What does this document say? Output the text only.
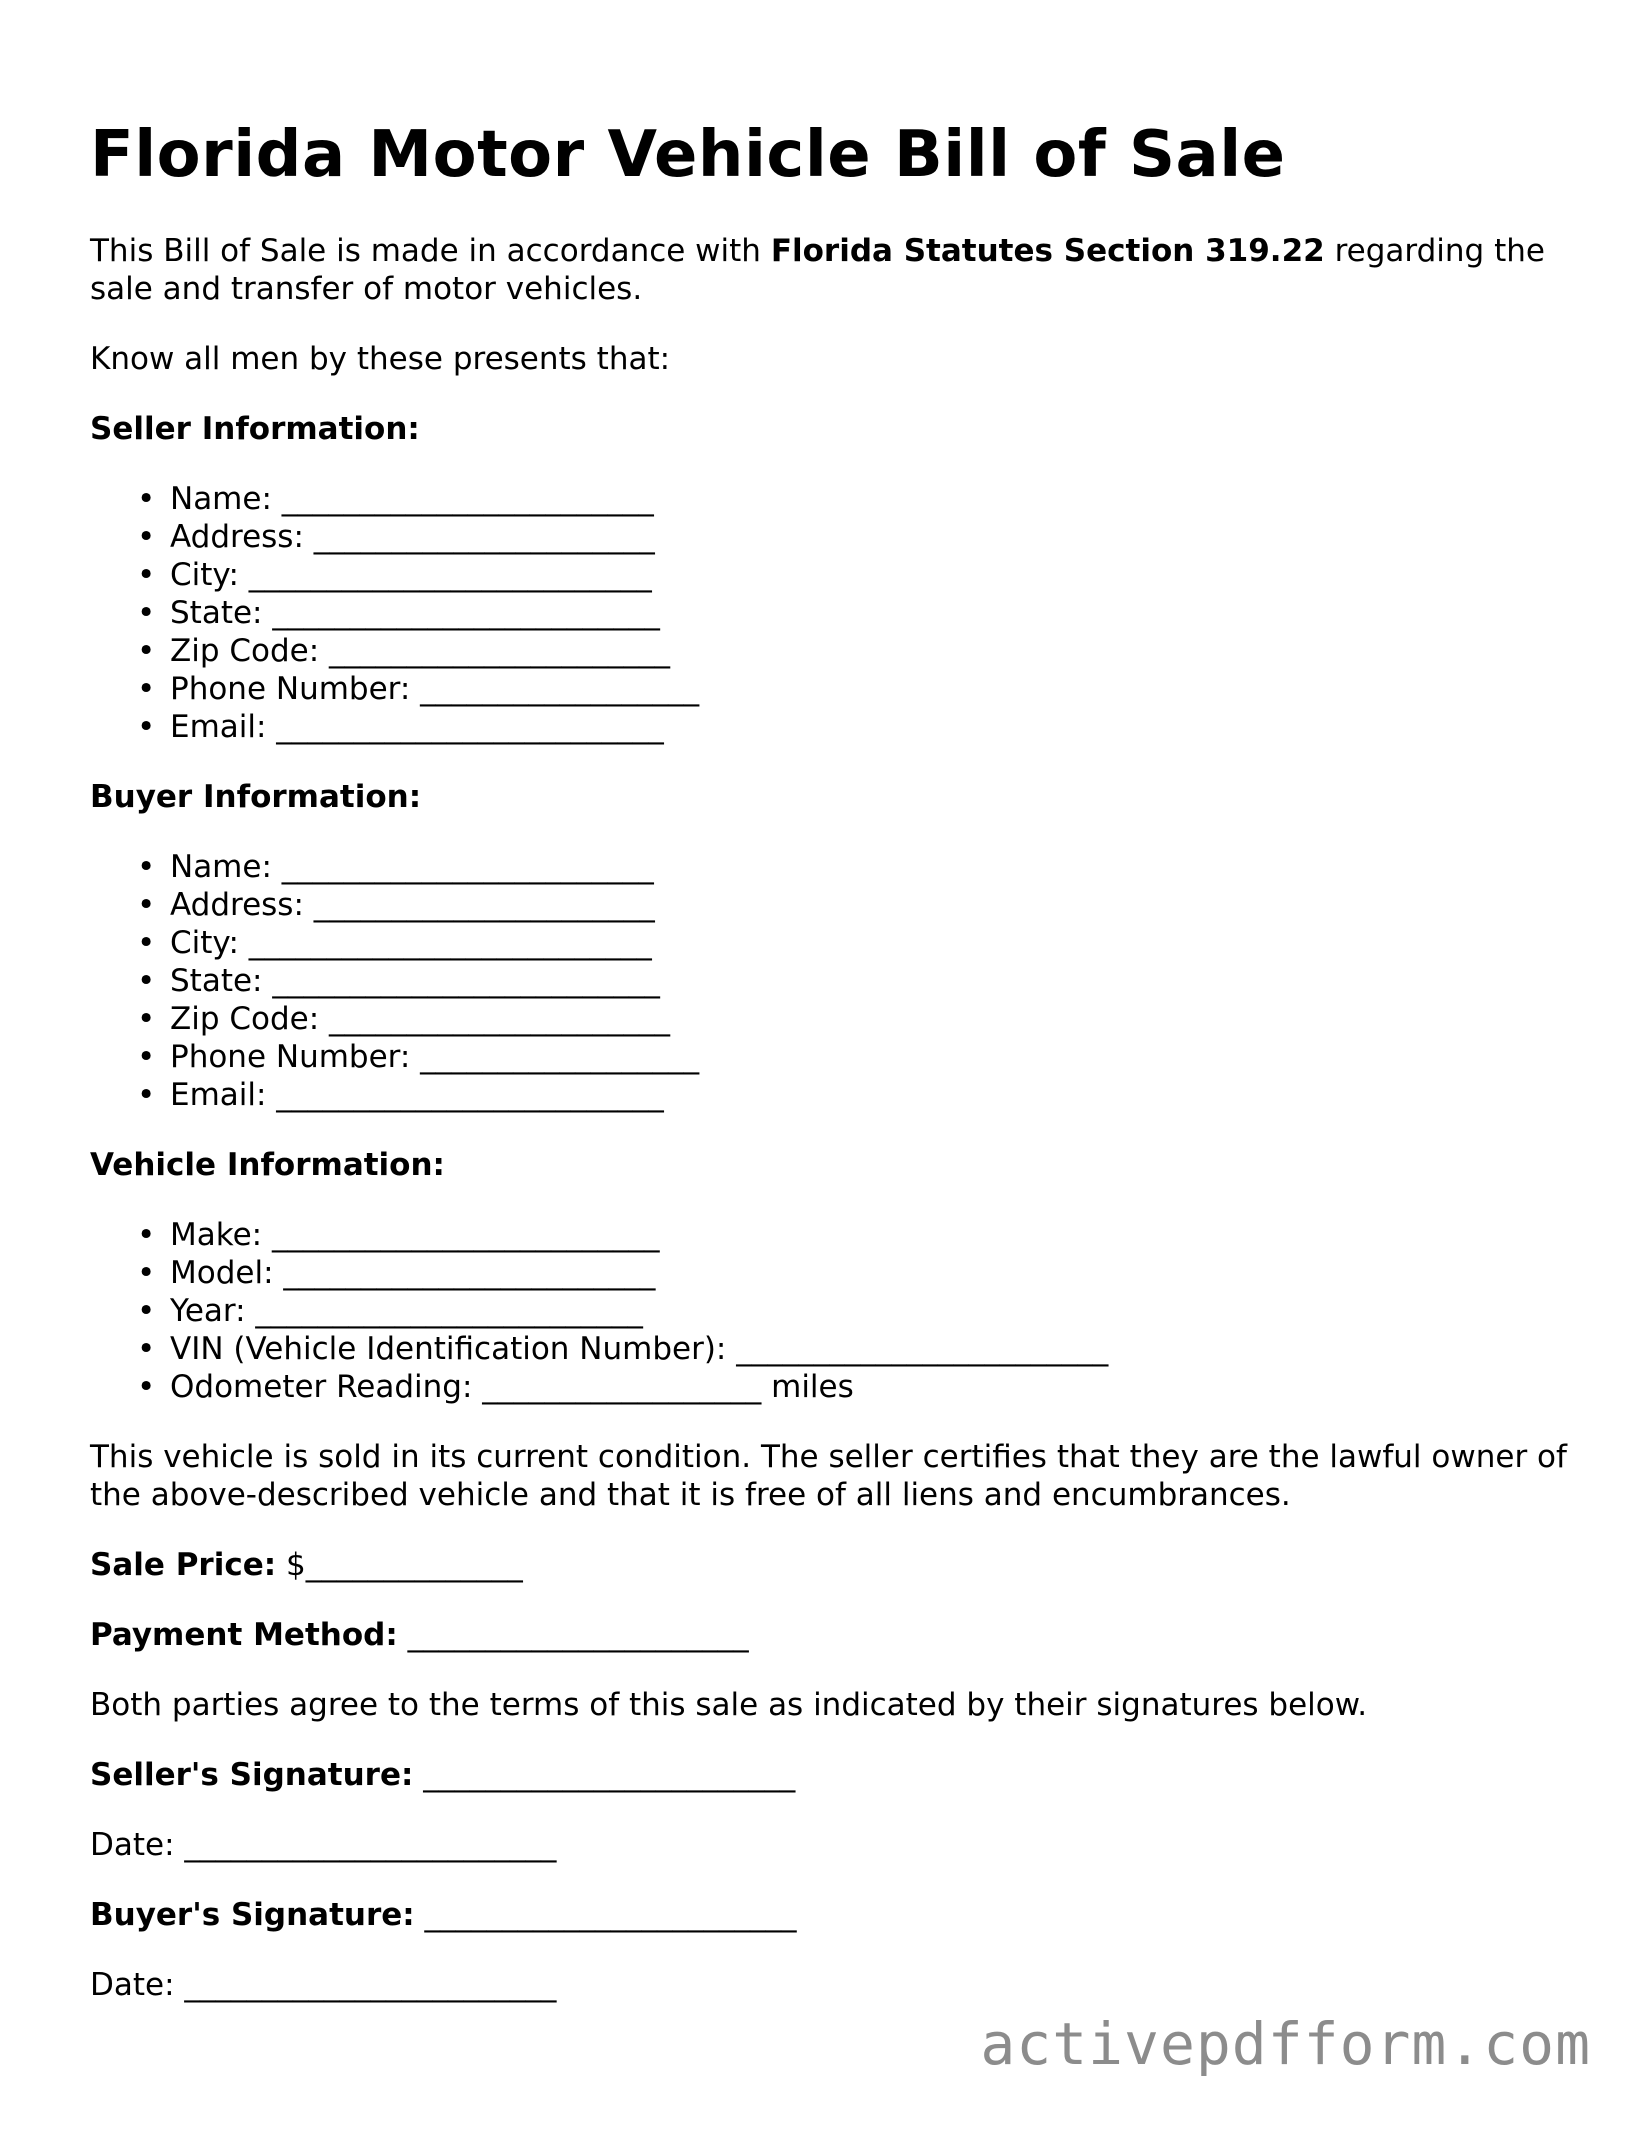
Florida Motor Vehicle Bill of Sale

This Bill of Sale is made in accordance with Florida Statutes Section 319.22 regarding the sale and transfer of motor vehicles.

Know all men by these presents that:

Seller Information:

• Name: ________________________
• Address: ______________________
• City: __________________________
• State: _________________________
• Zip Code: ______________________
• Phone Number: __________________
• Email: _________________________

Buyer Information:

• Name: ________________________
• Address: ______________________
• City: __________________________
• State: _________________________
• Zip Code: ______________________
• Phone Number: __________________
• Email: _________________________

Vehicle Information:

• Make: _________________________
• Model: ________________________
• Year: _________________________
• VIN (Vehicle Identification Number): ________________________
• Odometer Reading: __________________ miles

This vehicle is sold in its current condition. The seller certifies that they are the lawful owner of the above-described vehicle and that it is free of all liens and encumbrances.

Sale Price: $______________

Payment Method: ______________________

Both parties agree to the terms of this sale as indicated by their signatures below.

Seller's Signature: ________________________

Date: ________________________

Buyer's Signature: ________________________

Date: ________________________

activepdfform.com
